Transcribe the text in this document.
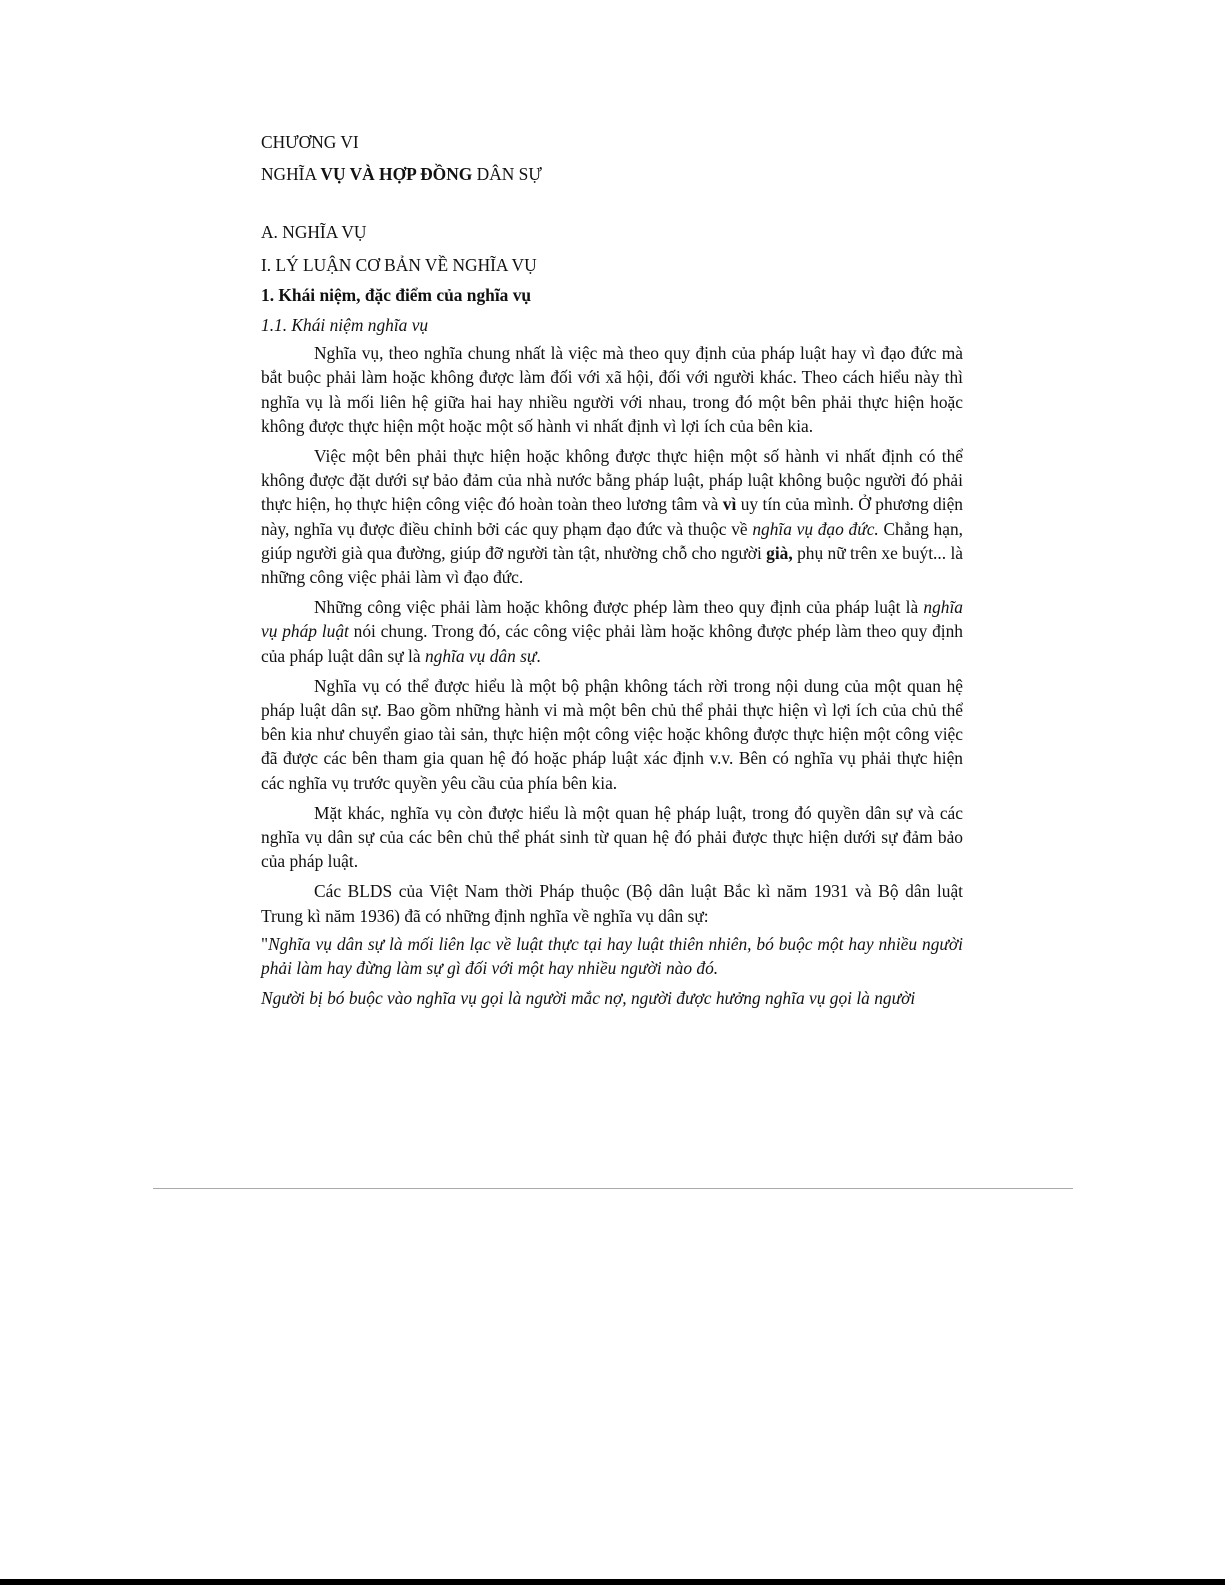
CHƯƠNG VI

NGHĨA VỤ VÀ HỢP ĐỒNG DÂN SỰ

A. NGHĨA VỤ

I. LÝ LUẬN CƠ BẢN VỀ NGHĨA VỤ

1. Khái niệm, đặc điểm của nghĩa vụ

1.1. Khái niệm nghĩa vụ

Nghĩa vụ, theo nghĩa chung nhất là việc mà theo quy định của pháp luật hay vì đạo đức mà bắt buộc phải làm hoặc không được làm đối với xã hội, đối với người khác. Theo cách hiểu này thì nghĩa vụ là mối liên hệ giữa hai hay nhiều người với nhau, trong đó một bên phải thực hiện hoặc không được thực hiện một hoặc một số hành vi nhất định vì lợi ích của bên kia.

Việc một bên phải thực hiện hoặc không được thực hiện một số hành vi nhất định có thể không được đặt dưới sự bảo đảm của nhà nước bằng pháp luật, pháp luật không buộc người đó phải thực hiện, họ thực hiện công việc đó hoàn toàn theo lương tâm và vì uy tín của mình. Ở phương diện này, nghĩa vụ được điều chỉnh bởi các quy phạm đạo đức và thuộc về nghĩa vụ đạo đức. Chẳng hạn, giúp người già qua đường, giúp đỡ người tàn tật, nhường chỗ cho người già, phụ nữ trên xe buýt... là những công việc phải làm vì đạo đức.

Những công việc phải làm hoặc không được phép làm theo quy định của pháp luật là nghĩa vụ pháp luật nói chung. Trong đó, các công việc phải làm hoặc không được phép làm theo quy định của pháp luật dân sự là nghĩa vụ dân sự.

Nghĩa vụ có thể được hiểu là một bộ phận không tách rời trong nội dung của một quan hệ pháp luật dân sự. Bao gồm những hành vi mà một bên chủ thể phải thực hiện vì lợi ích của chủ thể bên kia như chuyển giao tài sản, thực hiện một công việc hoặc không được thực hiện một công việc đã được các bên tham gia quan hệ đó hoặc pháp luật xác định v.v. Bên có nghĩa vụ phải thực hiện các nghĩa vụ trước quyền yêu cầu của phía bên kia.

Mặt khác, nghĩa vụ còn được hiểu là một quan hệ pháp luật, trong đó quyền dân sự và các nghĩa vụ dân sự của các bên chủ thể phát sinh từ quan hệ đó phải được thực hiện dưới sự đảm bảo của pháp luật.

Các BLDS của Việt Nam thời Pháp thuộc (Bộ dân luật Bắc kì năm 1931 và Bộ dân luật Trung kì năm 1936) đã có những định nghĩa về nghĩa vụ dân sự:

"Nghĩa vụ dân sự là mối liên lạc về luật thực tại hay luật thiên nhiên, bó buộc một hay nhiều người phải làm hay đừng làm sự gì đối với một hay nhiều người nào đó.

Người bị bó buộc vào nghĩa vụ gọi là người mắc nợ, người được hưởng nghĩa vụ gọi là người
